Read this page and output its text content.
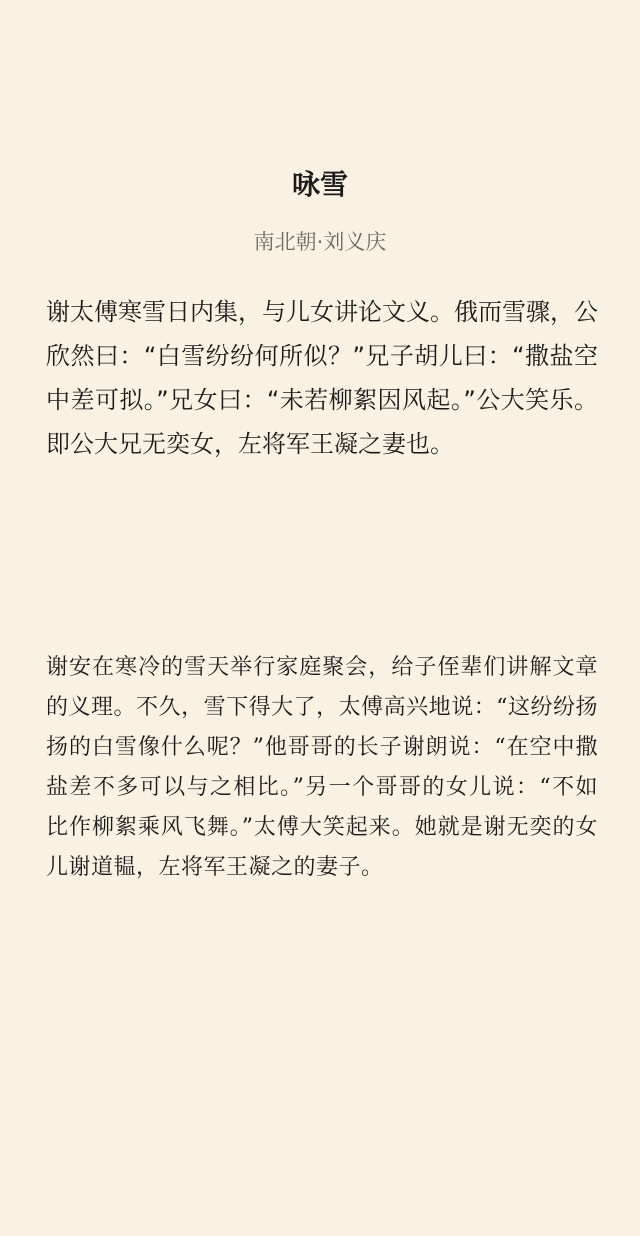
咏雪
南北朝·刘义庆

谢太傅寒雪日内集，与儿女讲论文义。俄而雪骤，公欣然曰：“白雪纷纷何所似？”兄子胡儿曰：“撒盐空中差可拟。”兄女曰：“未若柳絮因风起。”公大笑乐。即公大兄无奕女，左将军王凝之妻也。

谢安在寒冷的雪天举行家庭聚会，给子侄辈们讲解文章的义理。不久，雪下得大了，太傅高兴地说：“这纷纷扬扬的白雪像什么呢？”他哥哥的长子谢朗说：“在空中撒盐差不多可以与之相比。”另一个哥哥的女儿说：“不如比作柳絮乘风飞舞。”太傅大笑起来。她就是谢无奕的女儿谢道韫，左将军王凝之的妻子。
